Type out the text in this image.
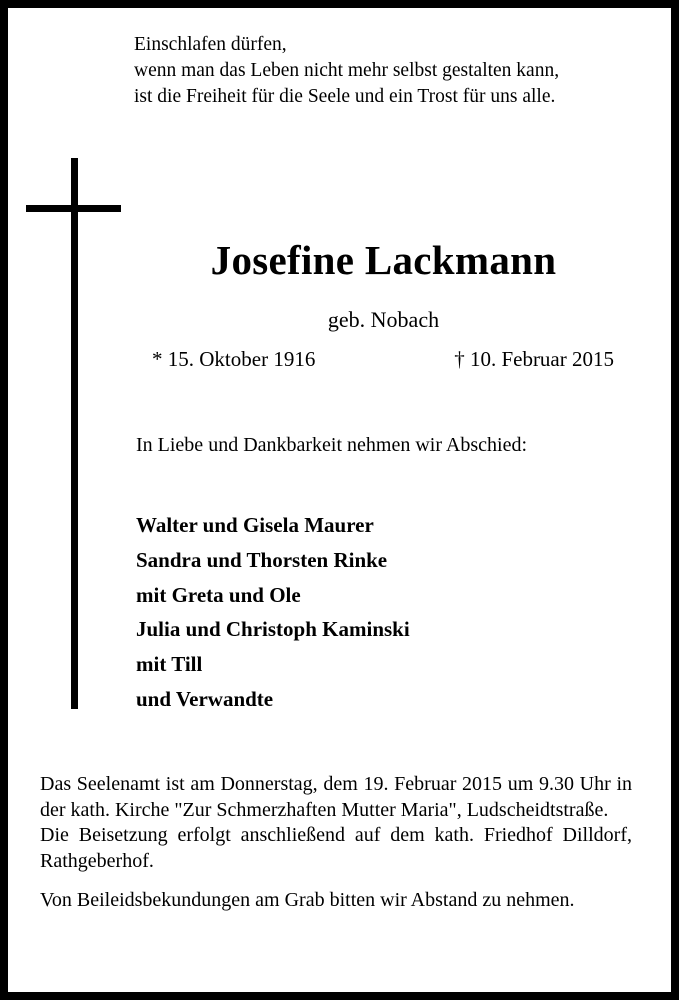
Einschlafen dürfen,
wenn man das Leben nicht mehr selbst gestalten kann,
ist die Freiheit für die Seele und ein Trost für uns alle.
Josefine Lackmann
geb. Nobach
* 15. Oktober 1916	† 10. Februar 2015
In Liebe und Dankbarkeit nehmen wir Abschied:
Walter und Gisela Maurer
Sandra und Thorsten Rinke
mit Greta und Ole
Julia und Christoph Kaminski
mit Till
und Verwandte

Das Seelenamt ist am Donnerstag, dem 19. Februar 2015 um 9.30 Uhr in der kath. Kirche "Zur Schmerzhaften Mutter Maria", Ludscheidtstraße.

Die Beisetzung erfolgt anschließend auf dem kath. Friedhof Dilldorf, Rathgeberhof.

Von Beileidsbekundungen am Grab bitten wir Abstand zu nehmen.
